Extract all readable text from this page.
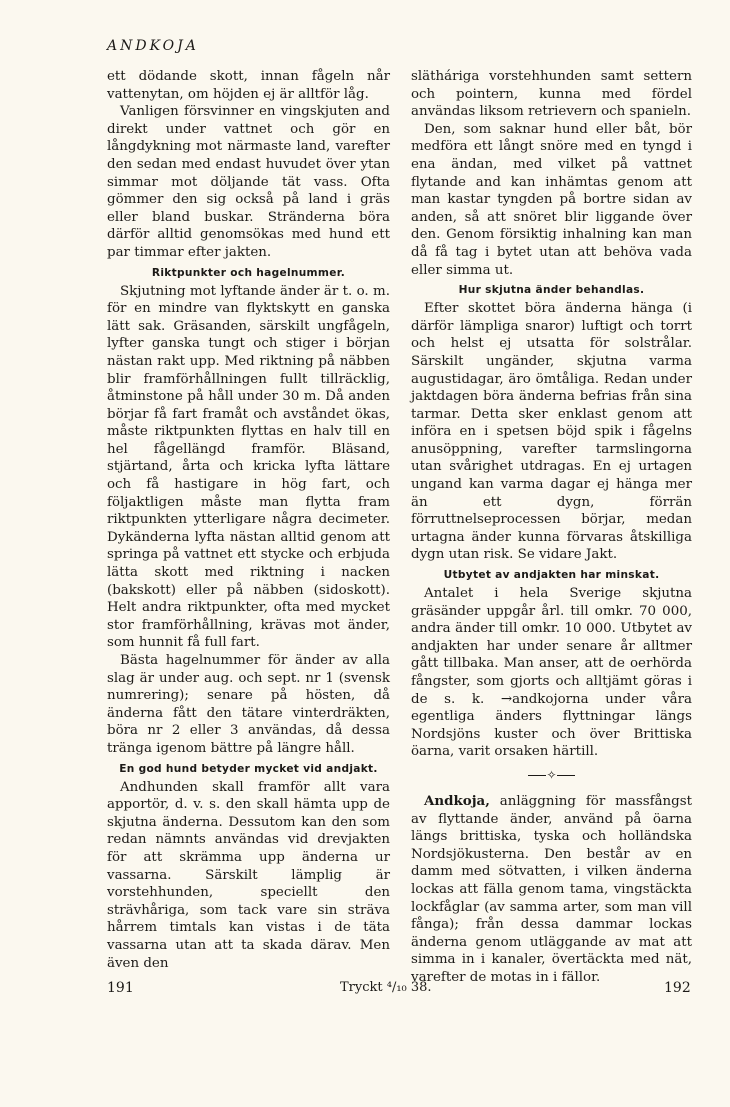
ANDKOJA

ett dödande skott, innan fågeln når vattenytan, om höjden ej är alltför låg.

Vanligen försvinner en vingskjuten and direkt under vattnet och gör en långdykning mot närmaste land, varefter den sedan med endast huvudet över ytan simmar mot döljande tät vass. Ofta gömmer den sig också på land i gräs eller bland buskar. Stränderna böra därför alltid genomsökas med hund ett par timmar efter jakten.

Riktpunkter och hagelnummer.

Skjutning mot lyftande änder är t. o. m. för en mindre van flyktskytt en ganska lätt sak. Gräsanden, särskilt ungfågeln, lyfter ganska tungt och stiger i början nästan rakt upp. Med riktning på näbben blir framförhållningen fullt tillräcklig, åtminstone på håll under 30 m. Då anden börjar få fart framåt och avståndet ökas, måste riktpunkten flyttas en halv till en hel fågellängd framför. Bläsand, stjärtand, årta och kricka lyfta lättare och få hastigare in hög fart, och följaktligen måste man flytta fram riktpunkten ytterligare några decimeter. Dykänderna lyfta nästan alltid genom att springa på vattnet ett stycke och erbjuda lätta skott med riktning i nacken (bakskott) eller på näbben (sidoskott). Helt andra riktpunkter, ofta med mycket stor framförhållning, krävas mot änder, som hunnit få full fart.

Bästa hagelnummer för änder av alla slag är under aug. och sept. nr 1 (svensk numrering); senare på hösten, då änderna fått den tätare vinterdräkten, böra nr 2 eller 3 användas, då dessa tränga igenom bättre på längre håll.

En god hund betyder mycket vid andjakt.

Andhunden skall framför allt vara apportör, d. v. s. den skall hämta upp de skjutna änderna. Dessutom kan den som redan nämnts användas vid drevjakten för att skrämma upp änderna ur vassarna. Särskilt lämplig är vorstehhunden, speciellt den strävhåriga, som tack vare sin sträva hårrem timtals kan vistas i de täta vassarna utan att ta skada därav. Men även den

slätháriga vorstehhunden samt settern och pointern, kunna med fördel användas liksom retrievern och spanieln.

Den, som saknar hund eller båt, bör medföra ett långt snöre med en tyngd i ena ändan, med vilket på vattnet flytande and kan inhämtas genom att man kastar tyngden på bortre sidan av anden, så att snöret blir liggande över den. Genom försiktig inhalning kan man då få tag i bytet utan att behöva vada eller simma ut.

Hur skjutna änder behandlas.

Efter skottet böra änderna hänga (i därför lämpliga snaror) luftigt och torrt och helst ej utsatta för solstrålar. Särskilt ungänder, skjutna varma augustidagar, äro ömtåliga. Redan under jaktdagen böra änderna befrias från sina tarmar. Detta sker enklast genom att införa en i spetsen böjd spik i fågelns anusöppning, varefter tarmslingorna utan svårighet utdragas. En ej urtagen ungand kan varma dagar ej hänga mer än ett dygn, förrän förruttnelseprocessen börjar, medan urtagna änder kunna förvaras åtskilliga dygn utan risk. Se vidare Jakt.

Utbytet av andjakten har minskat.

Antalet i hela Sverige skjutna gräsänder uppgår årl. till omkr. 70 000, andra änder till omkr. 10 000. Utbytet av andjakten har under senare år alltmer gått tillbaka. Man anser, att de oerhörda fångster, som gjorts och alltjämt göras i de s. k. →andkojorna under våra egentliga änders flyttningar längs Nordsjöns kuster och över Brittiska öarna, varit orsaken härtill.

✧

Andkoja, anläggning för massfångst av flyttande änder, använd på öarna längs brittiska, tyska och holländska Nordsjökusterna. Den består av en damm med sötvatten, i vilken änderna lockas att fälla genom tama, vingstäckta lockfåglar (av samma arter, som man vill fånga); från dessa dammar lockas änderna genom utläggande av mat att simma in i kanaler, övertäckta med nät, varefter de motas in i fällor.

191	Tryckt ⁴/₁₀ 38.	192
